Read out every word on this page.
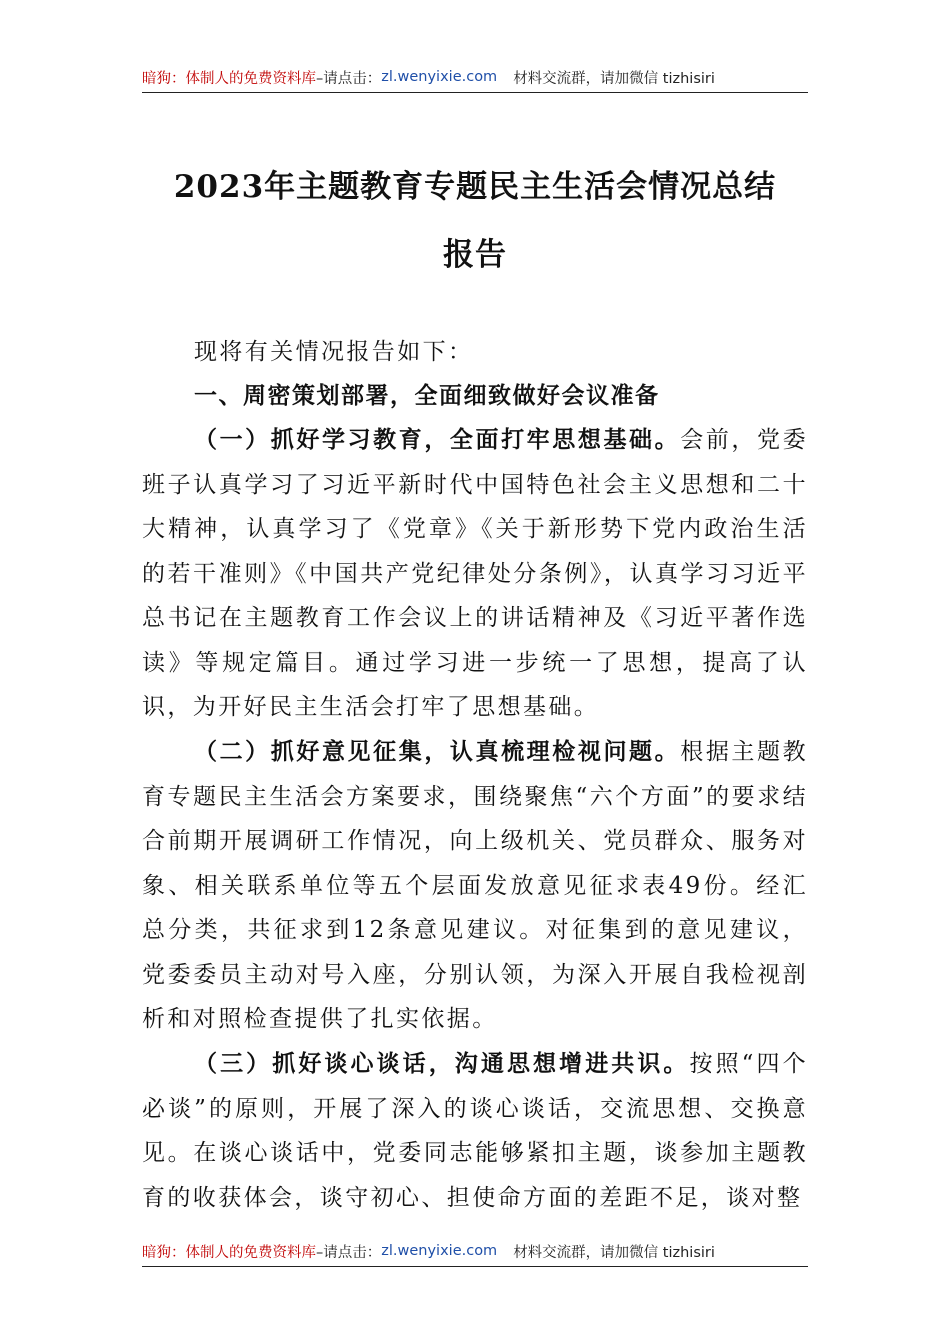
暗狗：体制人的免费资料库 –请点击： zl.wenyixie.com 材料交流群，请加微信 tizhisiri
2023年主题教育专题民主生活会情况总结
报告
现将有关情况报告如下：
一、周密策划部署，全面细致做好会议准备
（一）抓好学习教育，全面打牢思想基础。会前，党委班子认真学习了习近平新时代中国特色社会主义思想和二十大精神，认真学习了《党章》《关于新形势下党内政治生活的若干准则》《中国共产党纪律处分条例》，认真学习习近平总书记在主题教育工作会议上的讲话精神及《习近平著作选读》等规定篇目。通过学习进一步统一了思想，提高了认识，为开好民主生活会打牢了思想基础。
（二）抓好意见征集，认真梳理检视问题。根据主题教育专题民主生活会方案要求，围绕聚焦“六个方面”的要求结合前期开展调研工作情况，向上级机关、党员群众、服务对象、相关联系单位等五个层面发放意见征求表49份。经汇总分类，共征求到12条意见建议。对征集到的意见建议，党委委员主动对号入座，分别认领，为深入开展自我检视剖析和对照检查提供了扎实依据。
（三）抓好谈心谈话，沟通思想增进共识。按照“四个必谈”的原则，开展了深入的谈心谈话，交流思想、交换意见。在谈心谈话中，党委同志能够紧扣主题，谈参加主题教育的收获体会，谈守初心、担使命方面的差距不足，谈对整
暗狗：体制人的免费资料库 –请点击： zl.wenyixie.com 材料交流群，请加微信 tizhisiri
